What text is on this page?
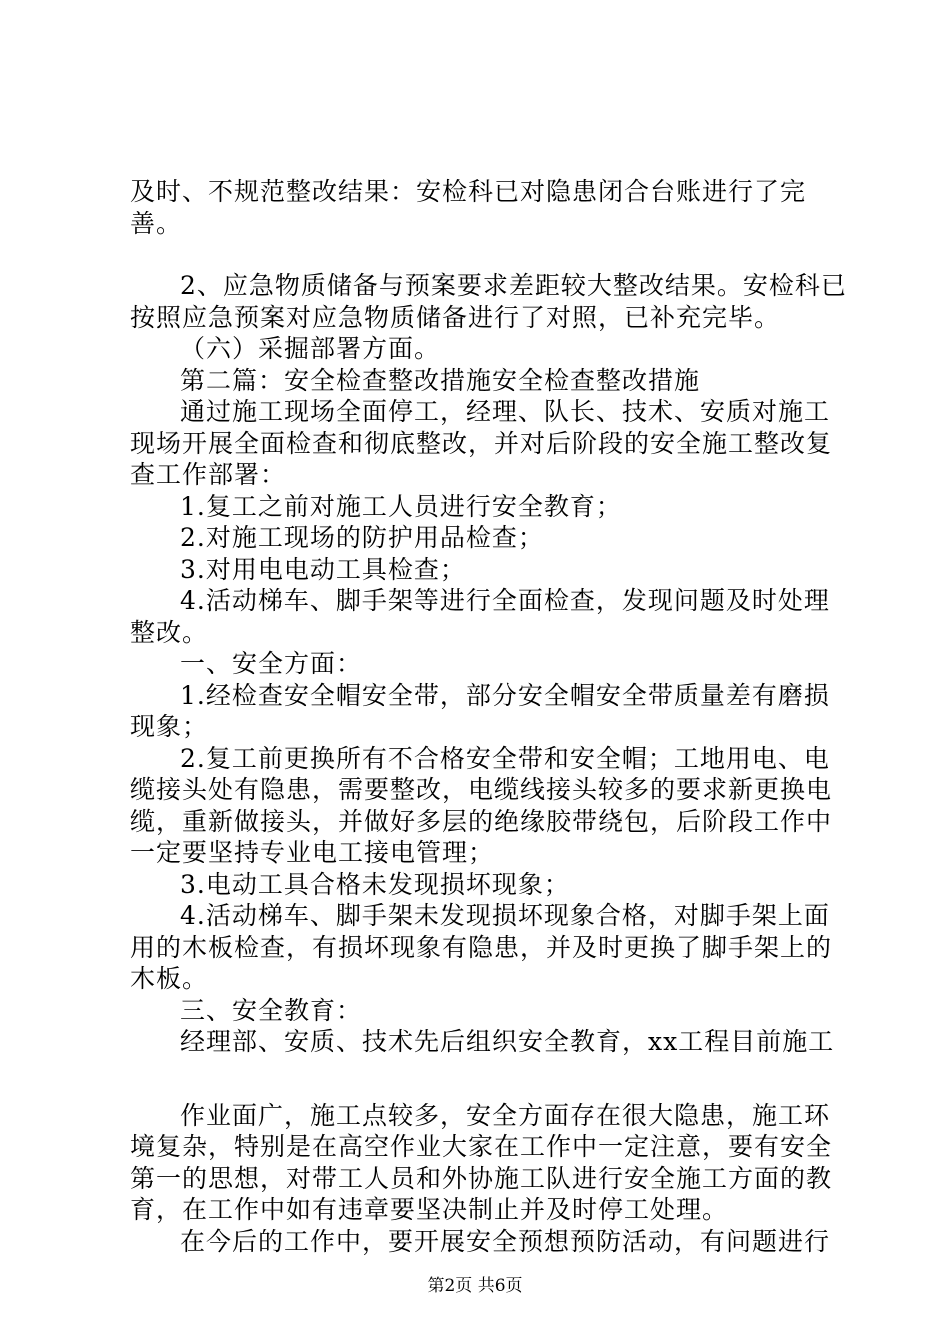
及时、不规范整改结果：安检科已对隐患闭合台账进行了完善。

2、应急物质储备与预案要求差距较大整改结果。安检科已按照应急预案对应急物质储备进行了对照，已补充完毕。

（六）采掘部署方面。

第二篇：安全检查整改措施安全检查整改措施

通过施工现场全面停工，经理、队长、技术、安质对施工现场开展全面检查和彻底整改，并对后阶段的安全施工整改复查工作部署：

1.复工之前对施工人员进行安全教育；

2.对施工现场的防护用品检查；

3.对用电电动工具检查；

4.活动梯车、脚手架等进行全面检查，发现问题及时处理整改。

一、安全方面：

1.经检查安全帽安全带，部分安全帽安全带质量差有磨损现象；

2.复工前更换所有不合格安全带和安全帽；工地用电、电缆接头处有隐患，需要整改，电缆线接头较多的要求新更换电缆，重新做接头，并做好多层的绝缘胶带绕包，后阶段工作中一定要坚持专业电工接电管理；

3.电动工具合格未发现损坏现象；

4.活动梯车、脚手架未发现损坏现象合格，对脚手架上面用的木板检查，有损坏现象有隐患，并及时更换了脚手架上的木板。

三、安全教育：

经理部、安质、技术先后组织安全教育，xx工程目前施工

作业面广，施工点较多，安全方面存在很大隐患，施工环境复杂，特别是在高空作业大家在工作中一定注意，要有安全第一的思想，对带工人员和外协施工队进行安全施工方面的教育，在工作中如有违章要坚决制止并及时停工处理。

在今后的工作中，要开展安全预想预防活动，有问题进行

第2页 共6页
